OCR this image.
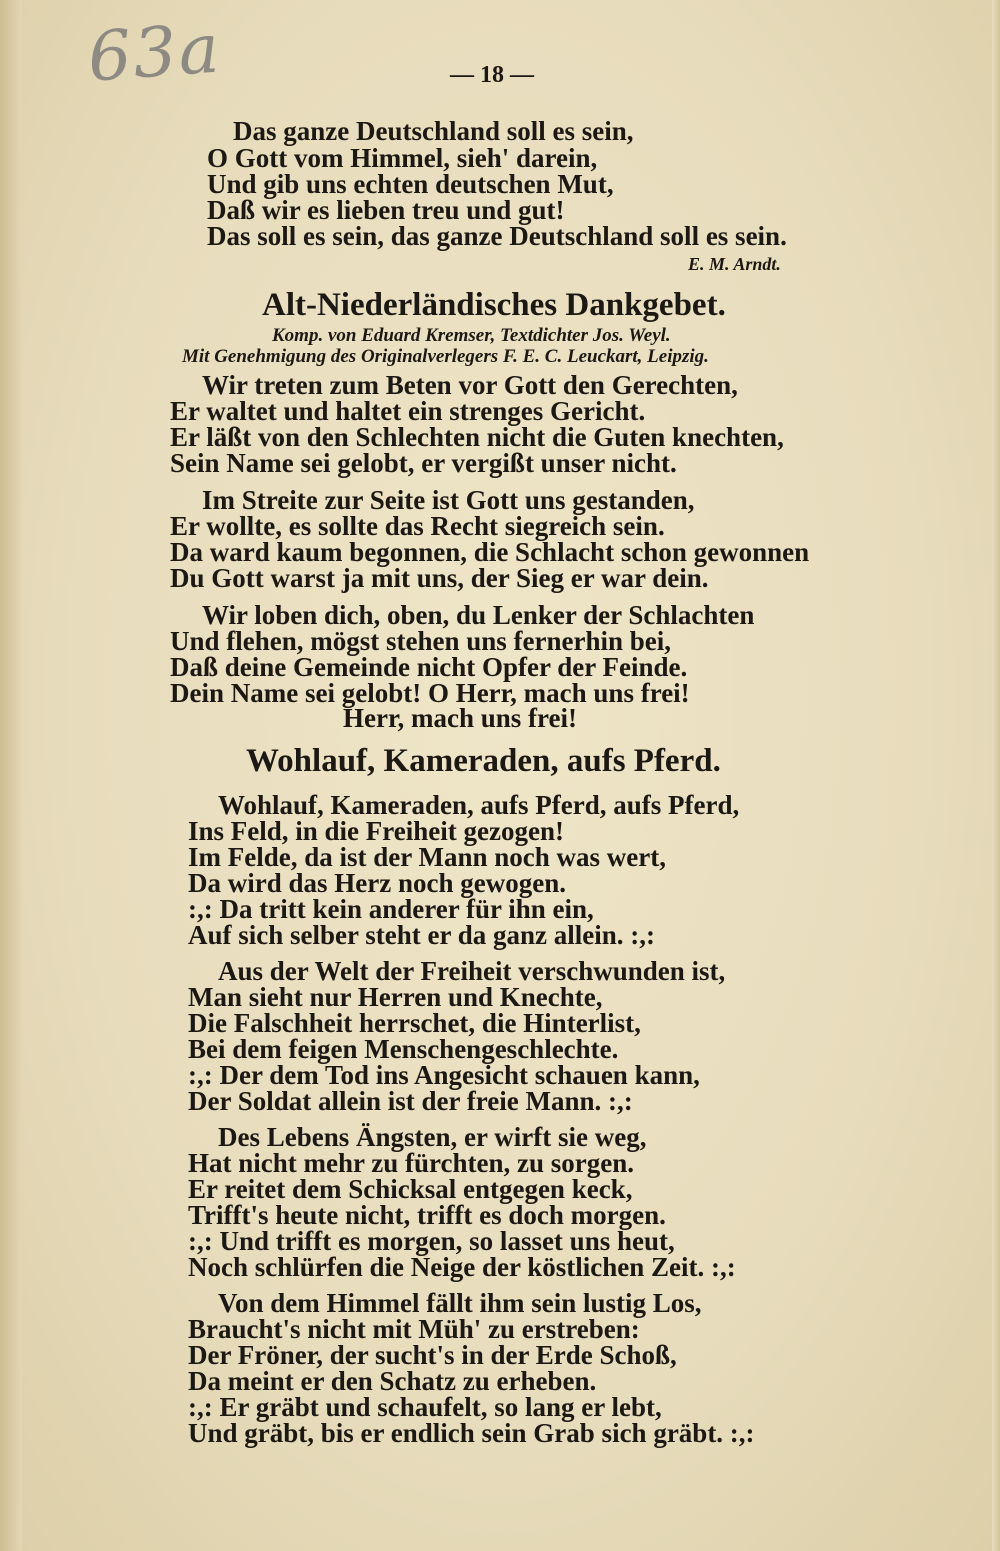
63a	— 18 —
Das ganze Deutschland soll es sein,
O Gott vom Himmel, sieh' darein,
Und gib uns echten deutschen Mut,
Daß wir es lieben treu und gut!
Das soll es sein, das ganze Deutschland soll es sein.
E. M. Arndt.
Alt-Niederländisches Dankgebet.
Komp. von Eduard Kremser, Textdichter Jos. Weyl.
Mit Genehmigung des Originalverlegers F. E. C. Leuckart, Leipzig.
Wir treten zum Beten vor Gott den Gerechten,
Er waltet und haltet ein strenges Gericht.
Er läßt von den Schlechten nicht die Guten knechten,
Sein Name sei gelobt, er vergißt unser nicht.
Im Streite zur Seite ist Gott uns gestanden,
Er wollte, es sollte das Recht siegreich sein.
Da ward kaum begonnen, die Schlacht schon gewonnen
Du Gott warst ja mit uns, der Sieg er war dein.
Wir loben dich, oben, du Lenker der Schlachten
Und flehen, mögst stehen uns fernerhin bei,
Daß deine Gemeinde nicht Opfer der Feinde.
Dein Name sei gelobt! O Herr, mach uns frei!
Herr, mach uns frei!
Wohlauf, Kameraden, aufs Pferd.
Wohlauf, Kameraden, aufs Pferd, aufs Pferd,
Ins Feld, in die Freiheit gezogen!
Im Felde, da ist der Mann noch was wert,
Da wird das Herz noch gewogen.
:,: Da tritt kein anderer für ihn ein,
Auf sich selber steht er da ganz allein. :,:
Aus der Welt der Freiheit verschwunden ist,
Man sieht nur Herren und Knechte,
Die Falschheit herrschet, die Hinterlist,
Bei dem feigen Menschengeschlechte.
:,: Der dem Tod ins Angesicht schauen kann,
Der Soldat allein ist der freie Mann. :,:
Des Lebens Ängsten, er wirft sie weg,
Hat nicht mehr zu fürchten, zu sorgen.
Er reitet dem Schicksal entgegen keck,
Trifft's heute nicht, trifft es doch morgen.
:,: Und trifft es morgen, so lasset uns heut,
Noch schlürfen die Neige der köstlichen Zeit. :,:
Von dem Himmel fällt ihm sein lustig Los,
Braucht's nicht mit Müh' zu erstreben:
Der Fröner, der sucht's in der Erde Schoß,
Da meint er den Schatz zu erheben.
:,: Er gräbt und schaufelt, so lang er lebt,
Und gräbt, bis er endlich sein Grab sich gräbt. :,:
